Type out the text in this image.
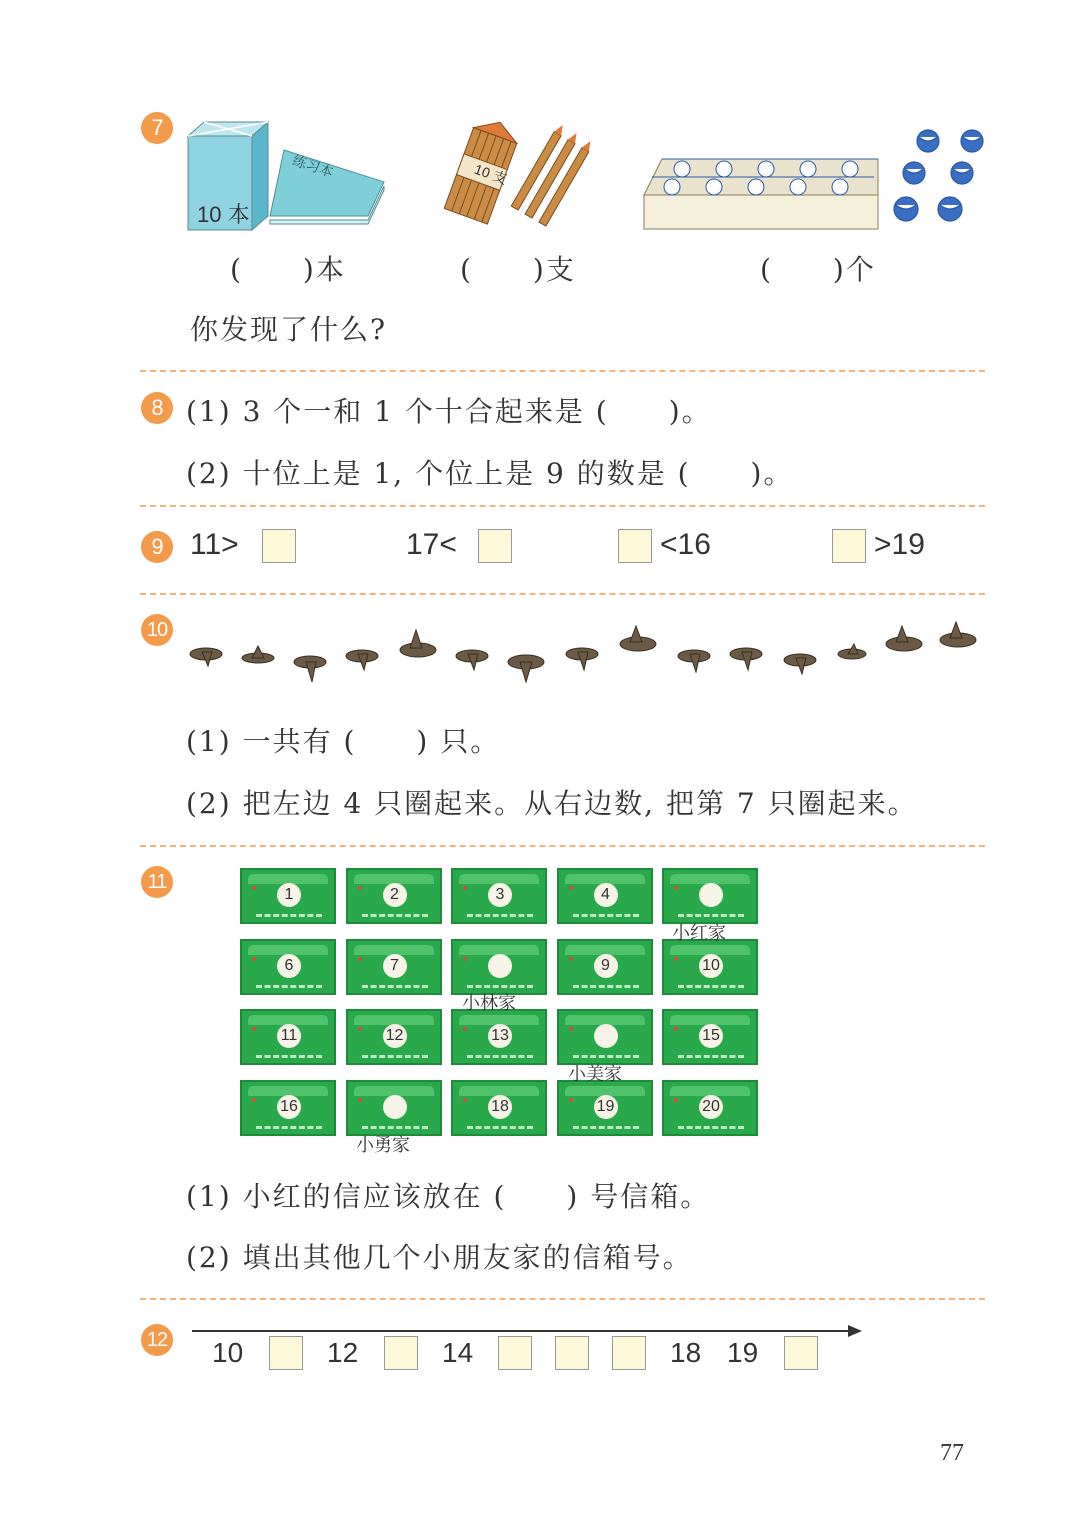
7
10 本
练习本	10 支
(　　)本	(　　)支	(　　)个
你发现了什么?
8 (1) 3 个一和 1 个十合起来是 (　　)。
(2) 十位上是 1, 个位上是 9 的数是 (　　)。
9 11>	17<	<16	>19
10
(1) 一共有 (　　) 只。
(2) 把左边 4 只圈起来。从右边数, 把第 7 只圈起来。
11
1	2	3	4
6	7	9	10
11	12	13	15
16	18	19	20
小红家
小林家
小美家
小勇家
(1) 小红的信应该放在 (　　) 号信箱。
(2) 填出其他几个小朋友家的信箱号。
12 10	12	14	18 19
77
